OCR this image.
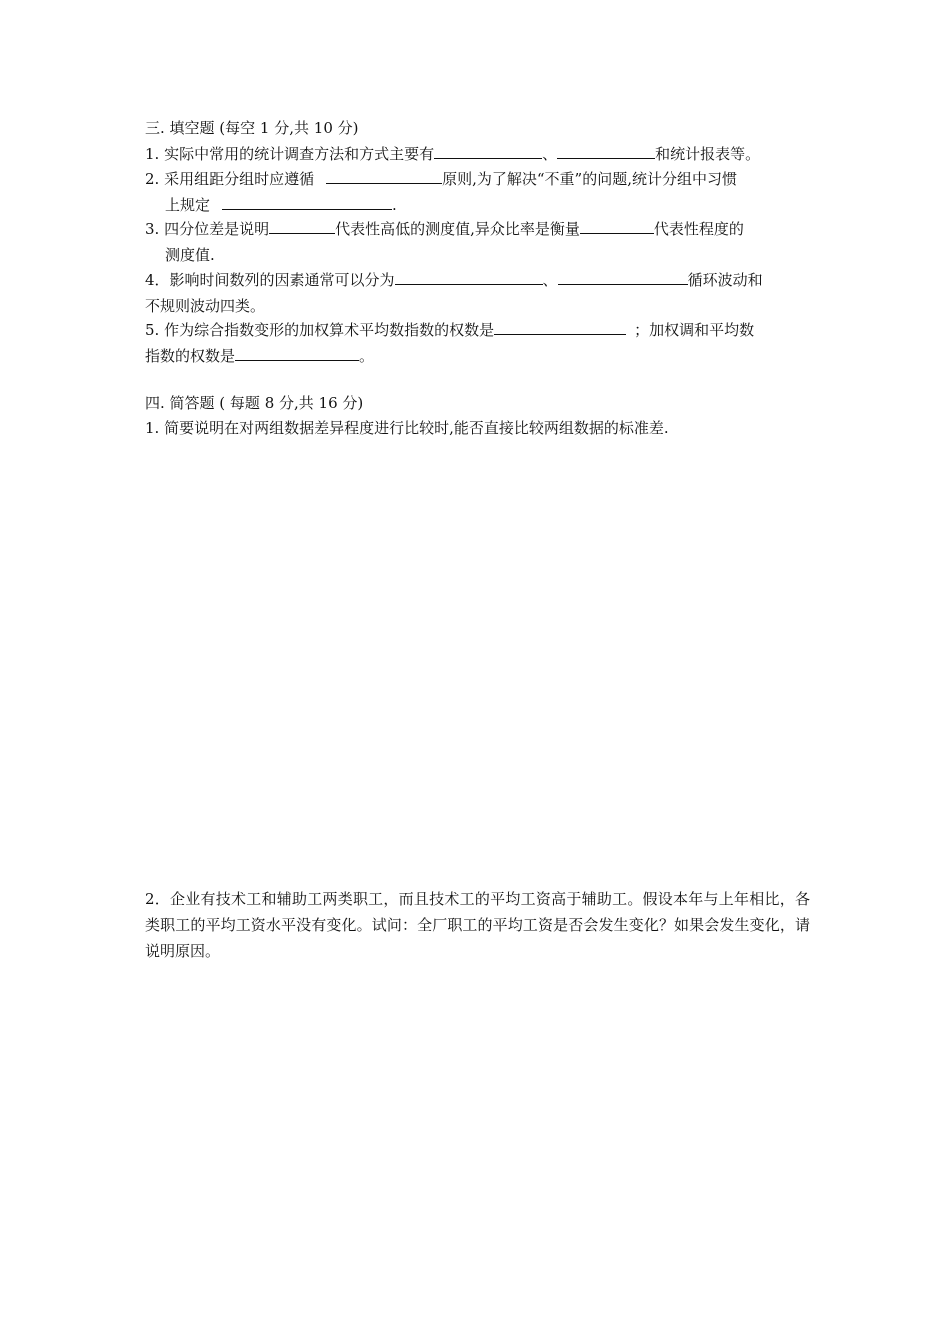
三. 填空题 (每空 1 分,共 10 分)
1. 实际中常用的统计调查方法和方式主要有	、	和统计报表等。
2. 采用组距分组时应遵循	原则,为了解决“不重”的问题,统计分组中习惯
上规定	.
3. 四分位差是说明	代表性高低的测度值,异众比率是衡量	代表性程度的
测度值.
4．影响时间数列的因素通常可以分为	、	循环波动和
不规则波动四类。
5. 作为综合指数变形的加权算术平均数指数的权数是	；加权调和平均数
指数的权数是	。
四. 简答题 ( 每题 8 分,共 16 分)
1. 简要说明在对两组数据差异程度进行比较时,能否直接比较两组数据的标准差.
2．企业有技术工和辅助工两类职工，而且技术工的平均工资高于辅助工。假设本年与上年相比，各类职工的平均工资水平没有变化。试问：全厂职工的平均工资是否会发生变化？如果会发生变化，请说明原因。
